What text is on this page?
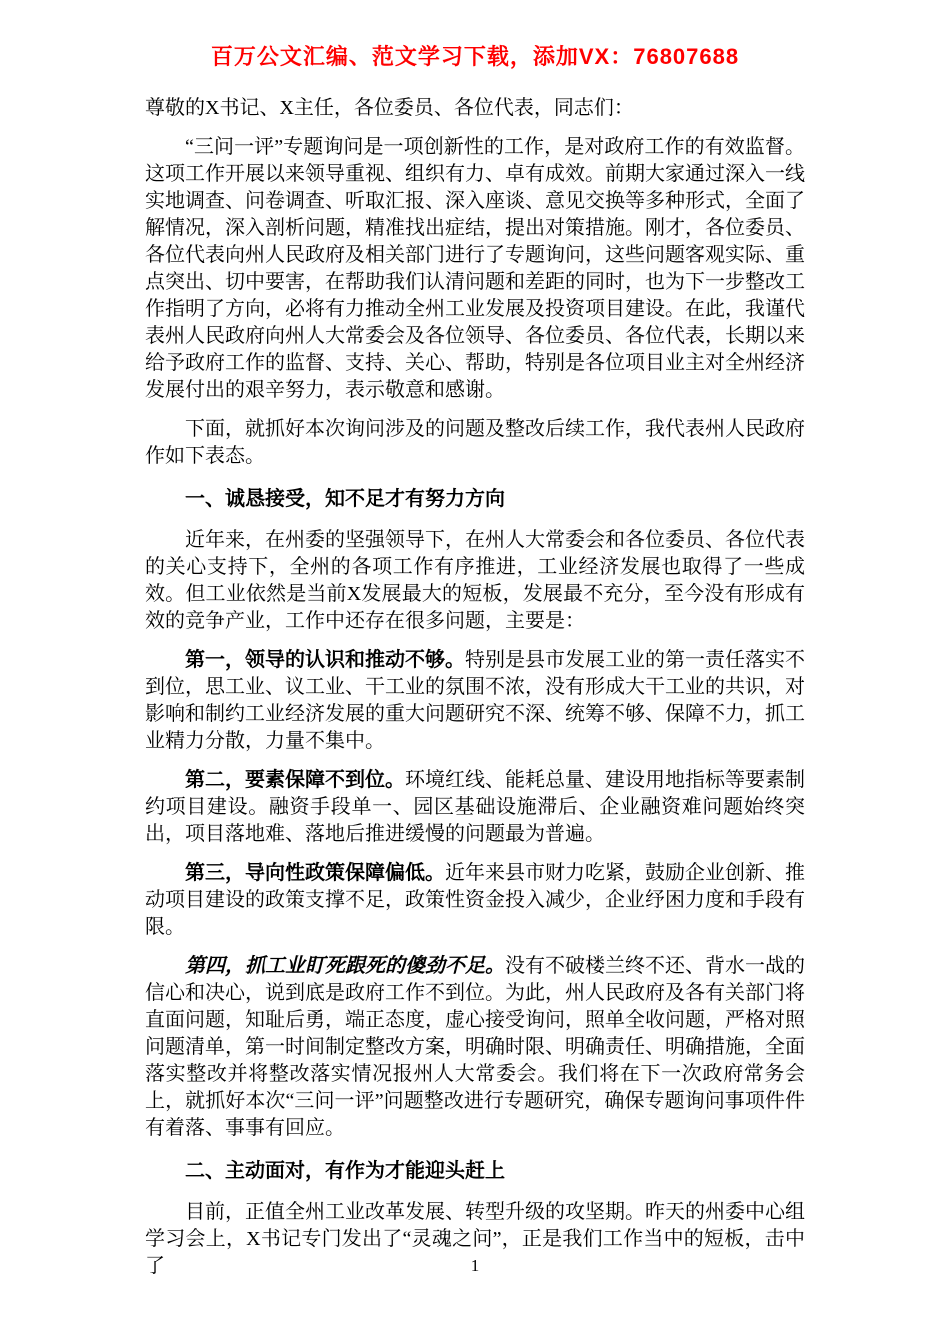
百万公文汇编、范文学习下载，添加VX：76807688

尊敬的X书记、X主任，各位委员、各位代表，同志们：

“三问一评”专题询问是一项创新性的工作，是对政府工作的有效监督。这项工作开展以来领导重视、组织有力、卓有成效。前期大家通过深入一线实地调查、问卷调查、听取汇报、深入座谈、意见交换等多种形式，全面了解情况，深入剖析问题，精准找出症结，提出对策措施。刚才，各位委员、各位代表向州人民政府及相关部门进行了专题询问，这些问题客观实际、重点突出、切中要害，在帮助我们认清问题和差距的同时，也为下一步整改工作指明了方向，必将有力推动全州工业发展及投资项目建设。在此，我谨代表州人民政府向州人大常委会及各位领导、各位委员、各位代表，长期以来给予政府工作的监督、支持、关心、帮助，特别是各位项目业主对全州经济发展付出的艰辛努力，表示敬意和感谢。

下面，就抓好本次询问涉及的问题及整改后续工作，我代表州人民政府作如下表态。

一、诚恳接受，知不足才有努力方向

近年来，在州委的坚强领导下，在州人大常委会和各位委员、各位代表的关心支持下，全州的各项工作有序推进，工业经济发展也取得了一些成效。但工业依然是当前X发展最大的短板，发展最不充分，至今没有形成有效的竞争产业，工作中还存在很多问题，主要是：

第一，领导的认识和推动不够。特别是县市发展工业的第一责任落实不到位，思工业、议工业、干工业的氛围不浓，没有形成大干工业的共识，对影响和制约工业经济发展的重大问题研究不深、统筹不够、保障不力，抓工业精力分散，力量不集中。

第二，要素保障不到位。环境红线、能耗总量、建设用地指标等要素制约项目建设。融资手段单一、园区基础设施滞后、企业融资难问题始终突出，项目落地难、落地后推进缓慢的问题最为普遍。

第三，导向性政策保障偏低。近年来县市财力吃紧，鼓励企业创新、推动项目建设的政策支撑不足，政策性资金投入减少，企业纾困力度和手段有限。

第四，抓工业盯死跟死的傻劲不足。没有不破楼兰终不还、背水一战的信心和决心，说到底是政府工作不到位。为此，州人民政府及各有关部门将直面问题，知耻后勇，端正态度，虚心接受询问，照单全收问题，严格对照问题清单，第一时间制定整改方案，明确时限、明确责任、明确措施，全面落实整改并将整改落实情况报州人大常委会。我们将在下一次政府常务会上，就抓好本次“三问一评”问题整改进行专题研究，确保专题询问事项件件有着落、事事有回应。

二、主动面对，有作为才能迎头赶上

目前，正值全州工业改革发展、转型升级的攻坚期。昨天的州委中心组学习会上，X书记专门发出了“灵魂之问”，正是我们工作当中的短板，击中了	1
